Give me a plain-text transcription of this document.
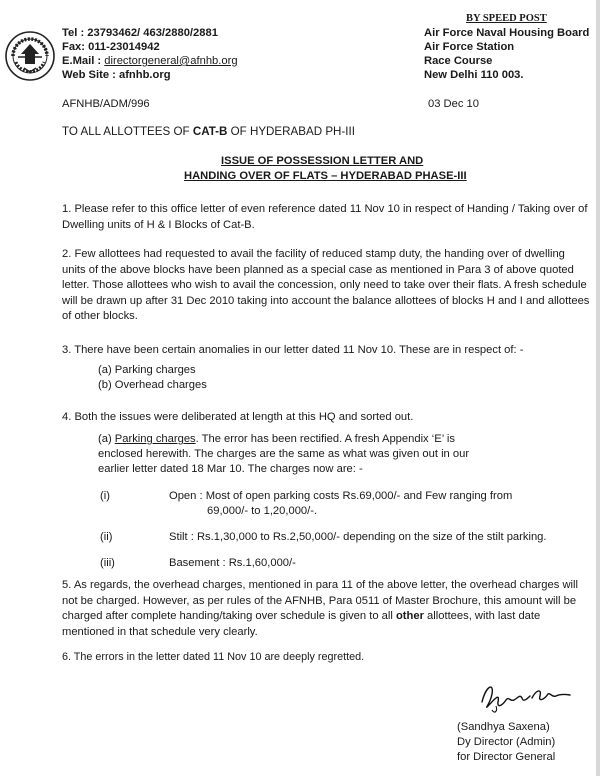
Tel : 23793462/ 463/2880/2881
Fax: 011-23014942
E.Mail : directorgeneral@afnhb.org
Web Site : afnhb.org
BY SPEED POST
Air Force Naval Housing Board
Air Force Station
Race Course
New Delhi 110 003.
AFNHB/ADM/996	03 Dec 10
TO ALL ALLOTTEES OF CAT-B OF HYDERABAD PH-III
ISSUE OF POSSESSION LETTER AND
HANDING OVER OF FLATS – HYDERABAD PHASE-III
1. Please refer to this office letter of even reference dated 11 Nov 10 in respect of Handing / Taking over of Dwelling units of H & I Blocks of Cat-B.
2. Few allottees had requested to avail the facility of reduced stamp duty, the handing over of dwelling units of the above blocks have been planned as a special case as mentioned in Para 3 of above quoted letter. Those allottees who wish to avail the concession, only need to take over their flats. A fresh schedule will be drawn up after 31 Dec 2010 taking into account the balance allottees of blocks H and I and allottees of other blocks.
3. There have been certain anomalies in our letter dated 11 Nov 10. These are in respect of: -
(a) Parking charges
(b) Overhead charges
4. Both the issues were deliberated at length at this HQ and sorted out.
(a) Parking charges. The error has been rectified. A fresh Appendix ‘E’ is enclosed herewith. The charges are the same as what was given out in our earlier letter dated 18 Mar 10. The charges now are: -
(i)	Open : Most of open parking costs Rs.69,000/- and Few ranging from
69,000/- to 1,20,000/-.
(ii)	Stilt : Rs.1,30,000 to Rs.2,50,000/- depending on the size of the stilt parking.
(iii)	Basement : Rs.1,60,000/-
5. As regards, the overhead charges, mentioned in para 11 of the above letter, the overhead charges will not be charged. However, as per rules of the AFNHB, Para 0511 of Master Brochure, this amount will be charged after complete handing/taking over schedule is given to all other allottees, with last date mentioned in that schedule very clearly.
6. The errors in the letter dated 11 Nov 10 are deeply regretted.
(Sandhya Saxena)
Dy Director (Admin)
for Director General
